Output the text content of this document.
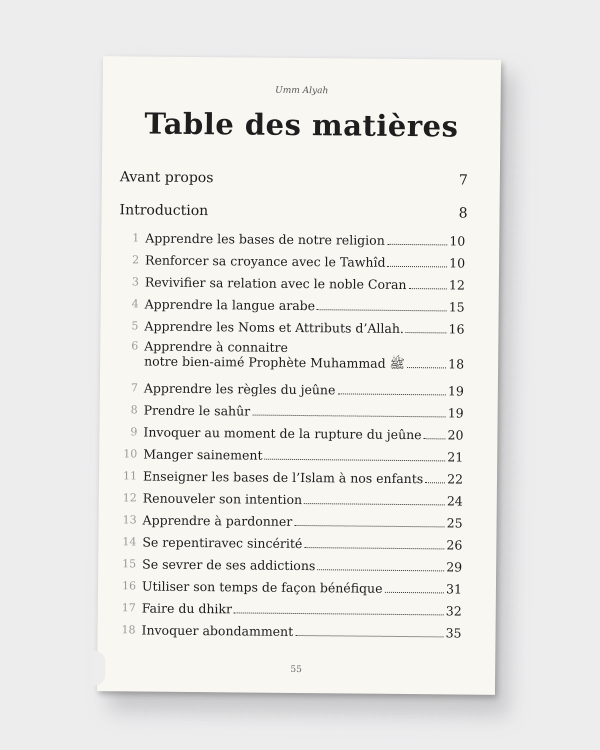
Umm Alyah
Table des matières
Avant propos	7
Introduction	8
1 Apprendre les bases de notre religion	10
2 Renforcer sa croyance avec le Tawhîd	10
3 Revivifier sa relation avec le noble Coran	12
4 Apprendre la langue arabe	15
5 Apprendre les Noms et Attributs d’Allah.	16
6 Apprendre à connaitre
notre bien-aimé Prophète Muhammad ﷺ	18
7 Apprendre les règles du jeûne	19
8 Prendre le sahûr	19
9 Invoquer au moment de la rupture du jeûne 20
10 Manger sainement	21
11 Enseigner les bases de l’Islam à nos enfants 22
12 Renouveler son intention	24
13 Apprendre à pardonner	25
14 Se repentiravec sincérité	26
15 Se sevrer de ses addictions	29
16 Utiliser son temps de façon bénéfique	31
17 Faire du dhikr	32
18 Invoquer abondamment	35
55
